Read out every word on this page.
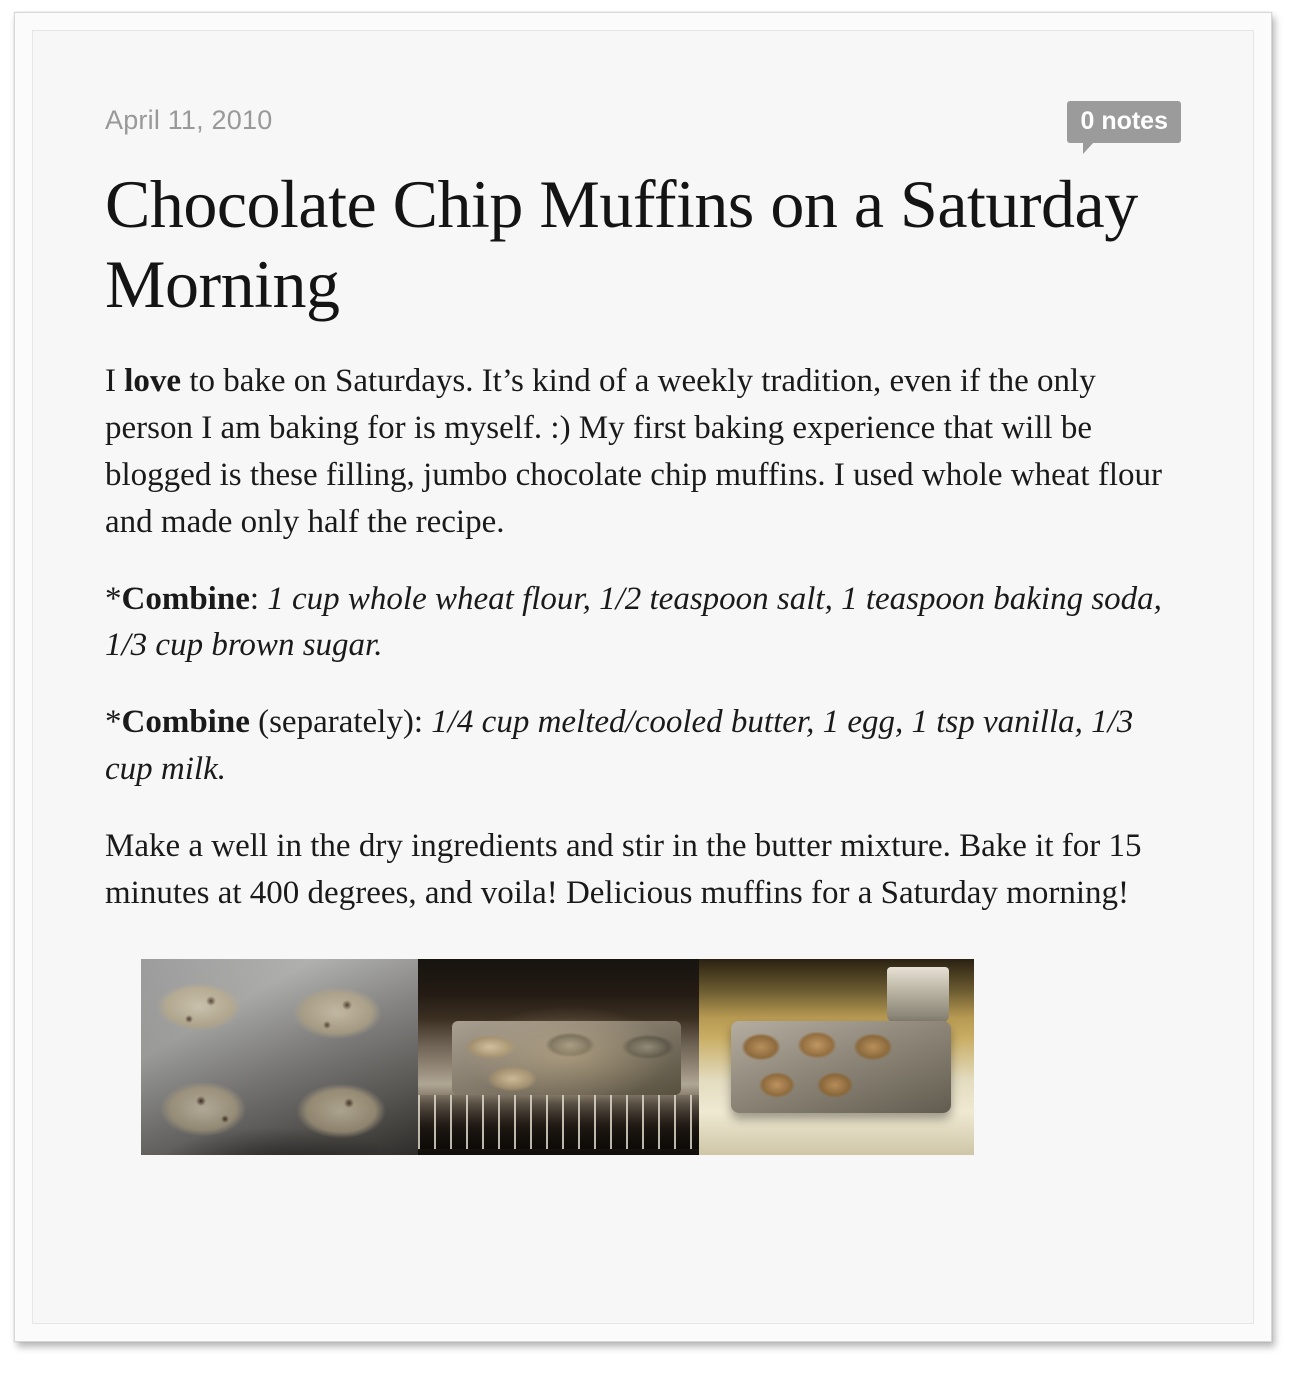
April 11, 2010	0 notes
Chocolate Chip Muffins on a Saturday Morning

I love to bake on Saturdays. It’s kind of a weekly tradition, even if the only person I am baking for is myself. :) My first baking experience that will be blogged is these filling, jumbo chocolate chip muffins. I used whole wheat flour and made only half the recipe.

*Combine: 1 cup whole wheat flour, 1/2 teaspoon salt, 1 teaspoon baking soda, 1/3 cup brown sugar.

*Combine (separately): 1/4 cup melted/cooled butter, 1 egg, 1 tsp vanilla, 1/3 cup milk.

Make a well in the dry ingredients and stir in the butter mixture. Bake it for 15 minutes at 400 degrees, and voila! Delicious muffins for a Saturday morning!
